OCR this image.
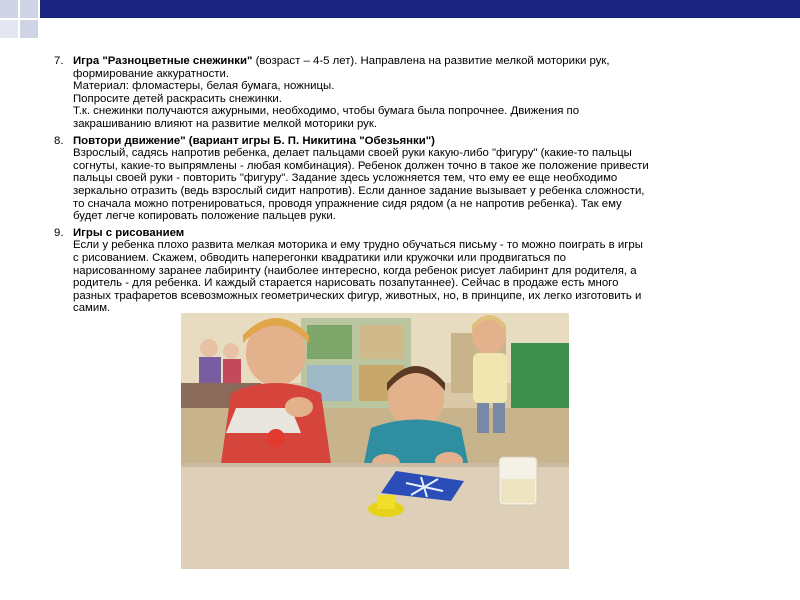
7. Игра "Разноцветные снежинки" (возраст – 4-5 лет). Направлена на развитие мелкой моторики рук,
формирование аккуратности.
Материал: фломастеры, белая бумага, ножницы.
Попросите детей раскрасить снежинки.
Т.к. снежинки получаются ажурными, необходимо, чтобы бумага была попрочнее. Движения по
закрашиванию влияют на развитие мелкой моторики рук.
8. Повтори движение" (вариант игры Б. П. Никитина "Обезьянки")
Взрослый, садясь напротив ребенка, делает пальцами своей руки какую-либо "фигуру" (какие-то пальцы
согнуты, какие-то выпрямлены - любая комбинация). Ребенок должен точно в такое же положение привести
пальцы своей руки - повторить "фигуру". Задание здесь усложняется тем, что ему ее еще необходимо
зеркально отразить (ведь взрослый сидит напротив). Если данное задание вызывает у ребенка сложности,
то сначала можно потренироваться, проводя упражнение сидя рядом (а не напротив ребенка). Так ему
будет легче копировать положение пальцев руки.
9. Игры с рисованием
Если у ребенка плохо развита мелкая моторика и ему трудно обучаться письму - то можно поиграть в игры
с рисованием. Скажем, обводить наперегонки квадратики или кружочки или продвигаться по
нарисованному заранее лабиринту (наиболее интересно, когда ребенок рисует лабиринт для родителя, а
родитель - для ребенка. И каждый старается нарисовать позапутаннее). Сейчас в продаже есть много
разных трафаретов всевозможных геометрических фигур, животных, но, в принципе, их легко изготовить и
самим.
